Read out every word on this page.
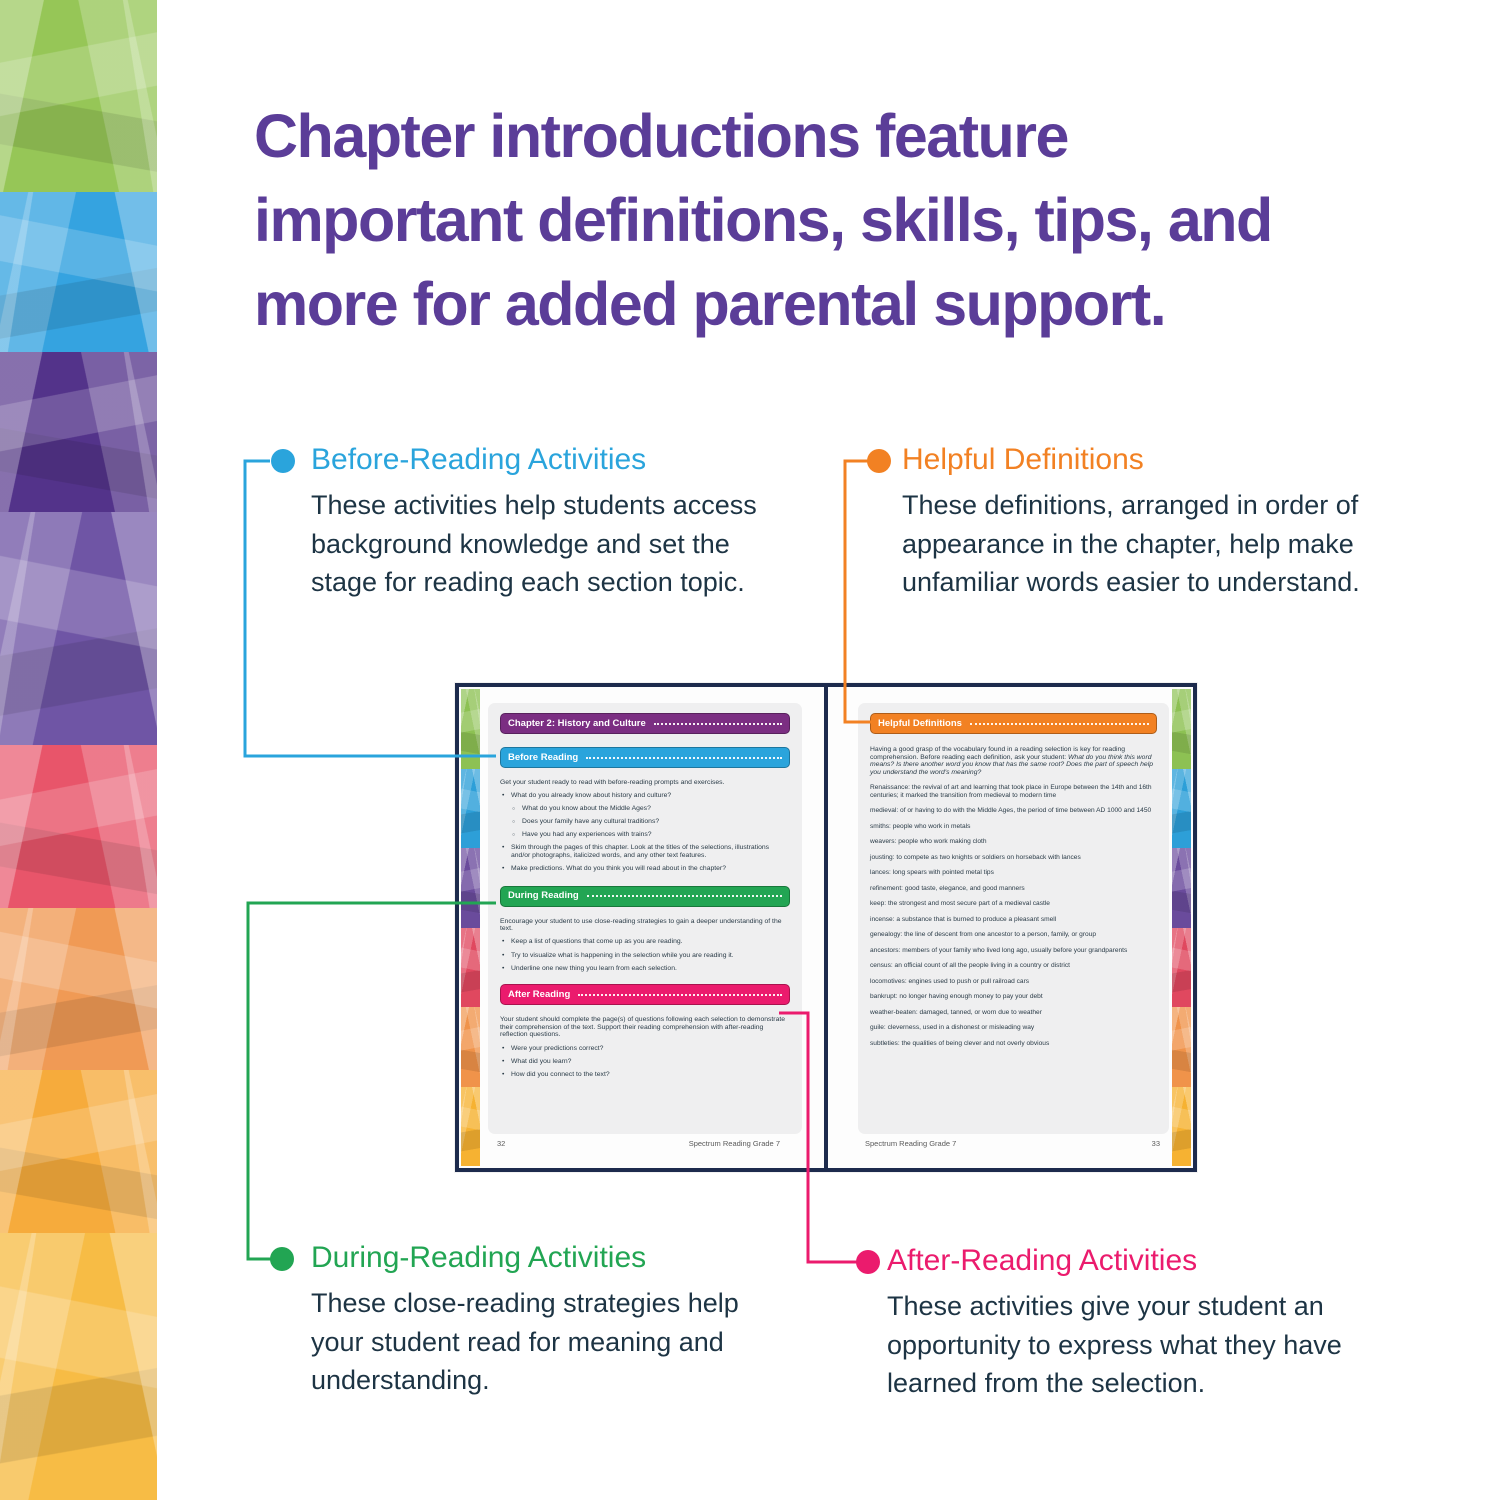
Chapter introductions feature
important definitions, skills, tips, and
more for added parental support.
Before-Reading Activities

These activities help students access background knowledge and set the stage for reading each section topic.

Helpful Definitions

These definitions, arranged in order of appearance in the chapter, help make unfamiliar words easier to understand.

During-Reading Activities

These close-reading strategies help your student read for meaning and understanding.

After-Reading Activities

These activities give your student an opportunity to express what they have learned from the selection.

Chapter 2: History and Culture
Before Reading

Get your student ready to read with before-reading prompts and exercises.

• What do you already know about history and culture?

○ What do you know about the Middle Ages?

○ Does your family have any cultural traditions?

○ Have you had any experiences with trains?

• Skim through the pages of this chapter. Look at the titles of the selections, illustrations and/or photographs, italicized words, and any other text features.

• Make predictions. What do you think you will read about in the chapter?

During Reading

Encourage your student to use close-reading strategies to gain a deeper understanding of the text.

• Keep a list of questions that come up as you are reading.

• Try to visualize what is happening in the selection while you are reading it.

• Underline one new thing you learn from each selection.

After Reading

Your student should complete the page(s) of questions following each selection to demonstrate their comprehension of the text. Support their reading comprehension with after-reading reflection questions.

• Were your predictions correct?

• What did you learn?

• How did you connect to the text?

Helpful Definitions

Having a good grasp of the vocabulary found in a reading selection is key for reading comprehension. Before reading each definition, ask your student: What do you think this word means? Is there another word you know that has the same root? Does the part of speech help you understand the word's meaning?

Renaissance: the revival of art and learning that took place in Europe between the 14th and 16th centuries; it marked the transition from medieval to modern time

medieval: of or having to do with the Middle Ages, the period of time between AD 1000 and 1450

smiths: people who work in metals

weavers: people who work making cloth

jousting: to compete as two knights or soldiers on horseback with lances

lances: long spears with pointed metal tips

refinement: good taste, elegance, and good manners

keep: the strongest and most secure part of a medieval castle

incense: a substance that is burned to produce a pleasant smell

genealogy: the line of descent from one ancestor to a person, family, or group

ancestors: members of your family who lived long ago, usually before your grandparents

census: an official count of all the people living in a country or district

locomotives: engines used to push or pull railroad cars

bankrupt: no longer having enough money to pay your debt

weather-beaten: damaged, tanned, or worn due to weather

guile: cleverness, used in a dishonest or misleading way

subtleties: the qualities of being clever and not overly obvious

32	Spectrum Reading Grade 7	Spectrum Reading Grade 7	33
